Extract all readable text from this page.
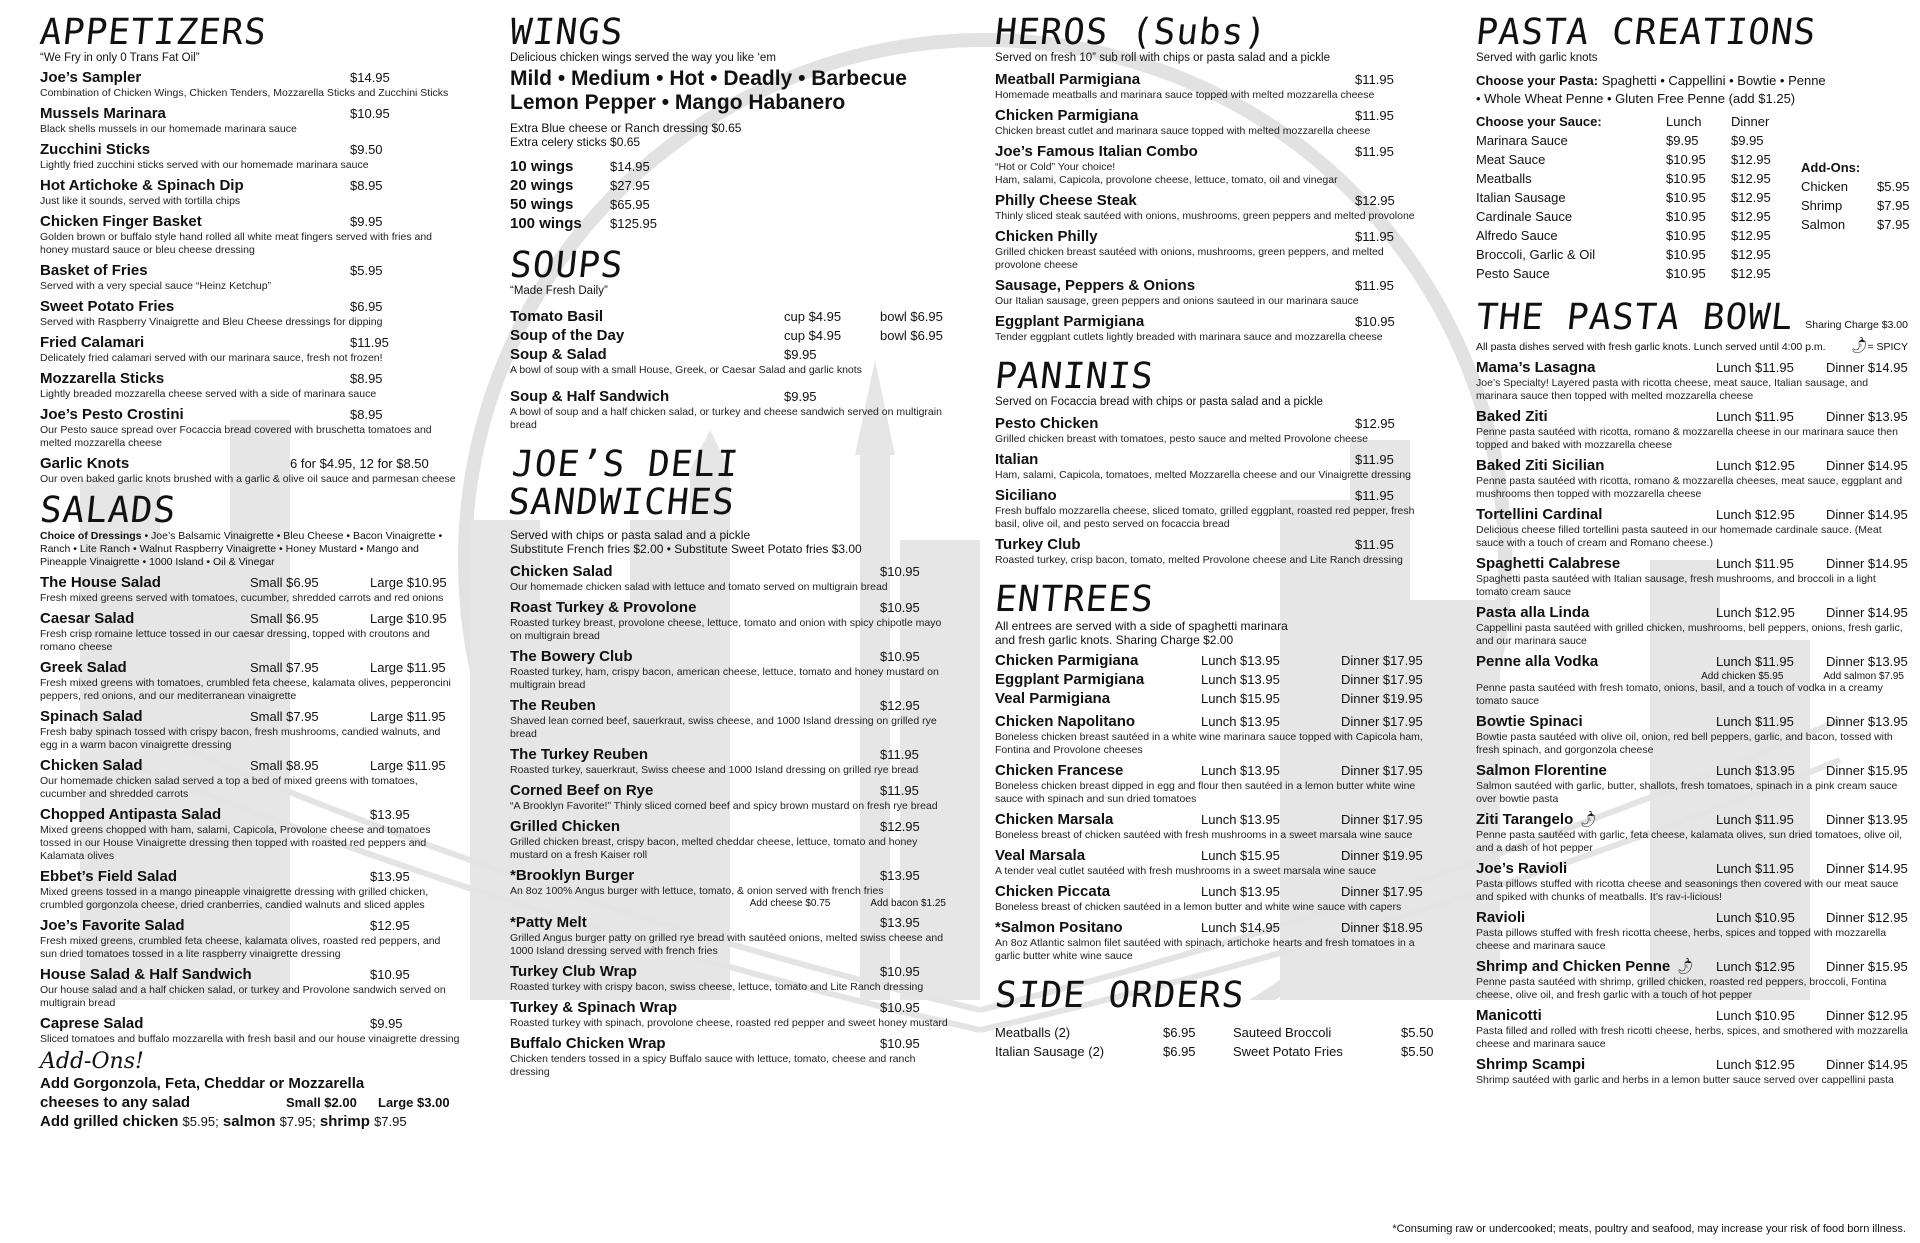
APPETIZERS
“We Fry in only 0 Trans Fat Oil”
Joe’s Sampler	$14.95
Combination of Chicken Wings, Chicken Tenders, Mozzarella Sticks and Zucchini Sticks
Mussels Marinara	$10.95
Black shells mussels in our homemade marinara sauce
Zucchini Sticks	$9.50
Lightly fried zucchini sticks served with our homemade marinara sauce
Hot Artichoke & Spinach Dip	$8.95
Just like it sounds, served with tortilla chips
Chicken Finger Basket	$9.95
Golden brown or buffalo style hand rolled all white meat fingers served with fries and honey mustard sauce or bleu cheese dressing
Basket of Fries	$5.95
Served with a very special sauce “Heinz Ketchup”
Sweet Potato Fries	$6.95
Served with Raspberry Vinaigrette and Bleu Cheese dressings for dipping
Fried Calamari	$11.95
Delicately fried calamari served with our marinara sauce, fresh not frozen!
Mozzarella Sticks	$8.95
Lightly breaded mozzarella cheese served with a side of marinara sauce
Joe’s Pesto Crostini	$8.95
Our Pesto sauce spread over Focaccia bread covered with bruschetta tomatoes and melted mozzarella cheese
Garlic Knots	6 for $4.95, 12 for $8.50
Our oven baked garlic knots brushed with a garlic & olive oil sauce and parmesan cheese
SALADS
Choice of Dressings • Joe’s Balsamic Vinaigrette • Bleu Cheese • Bacon Vinaigrette • Ranch • Lite Ranch • Walnut Raspberry Vinaigrette • Honey Mustard • Mango and Pineapple Vinaigrette • 1000 Island • Oil & Vinegar
The House Salad	Small $6.95	Large $10.95
Fresh mixed greens served with tomatoes, cucumber, shredded carrots and red onions
Caesar Salad	Small $6.95	Large $10.95
Fresh crisp romaine lettuce tossed in our caesar dressing, topped with croutons and romano cheese
Greek Salad	Small $7.95	Large $11.95
Fresh mixed greens with tomatoes, crumbled feta cheese, kalamata olives, pepperoncini peppers, red onions, and our mediterranean vinaigrette
Spinach Salad	Small $7.95	Large $11.95
Fresh baby spinach tossed with crispy bacon, fresh mushrooms, candied walnuts, and egg in a warm bacon vinaigrette dressing
Chicken Salad	Small $8.95	Large $11.95
Our homemade chicken salad served a top a bed of mixed greens with tomatoes, cucumber and shredded carrots
Chopped Antipasta Salad	$13.95
Mixed greens chopped with ham, salami, Capicola, Provolone cheese and tomatoes tossed in our House Vinaigrette dressing then topped with roasted red peppers and Kalamata olives
Ebbet’s Field Salad	$13.95
Mixed greens tossed in a mango pineapple vinaigrette dressing with grilled chicken, crumbled gorgonzola cheese, dried cranberries, candied walnuts and sliced apples
Joe’s Favorite Salad	$12.95
Fresh mixed greens, crumbled feta cheese, kalamata olives, roasted red peppers, and sun dried tomatoes tossed in a lite raspberry vinaigrette dressing
House Salad & Half Sandwich	$10.95
Our house salad and a half chicken salad, or turkey and Provolone sandwich served on multigrain bread
Caprese Salad	$9.95
Sliced tomatoes and buffalo mozzarella with fresh basil and our house vinaigrette dressing
Add-Ons!
Add Gorgonzola, Feta, Cheddar or Mozzarella
cheeses to any salad	Small $2.00	Large $3.00
Add grilled chicken $5.95; salmon $7.95; shrimp $7.95
WINGS
Delicious chicken wings served the way you like ‘em
Mild • Medium • Hot • Deadly • Barbecue
Lemon Pepper • Mango Habanero
Extra Blue cheese or Ranch dressing $0.65
Extra celery sticks $0.65
10 wings	$14.95
20 wings	$27.95
50 wings	$65.95
100 wings	$125.95
SOUPS
“Made Fresh Daily”
Tomato Basil	cup $4.95	bowl $6.95
Soup of the Day	cup $4.95	bowl $6.95
Soup & Salad	$9.95
A bowl of soup with a small House, Greek, or Caesar Salad and garlic knots
Soup & Half Sandwich	$9.95
A bowl of soup and a half chicken salad, or turkey and cheese sandwich served on multigrain bread
JOE’S DELI SANDWICHES
Served with chips or pasta salad and a pickle
Substitute French fries $2.00 • Substitute Sweet Potato fries $3.00
Chicken Salad	$10.95
Our homemade chicken salad with lettuce and tomato served on multigrain bread
Roast Turkey & Provolone	$10.95
Roasted turkey breast, provolone cheese, lettuce, tomato and onion with spicy chipotle mayo on multigrain bread
The Bowery Club	$10.95
Roasted turkey, ham, crispy bacon, american cheese, lettuce, tomato and honey mustard on multigrain bread
The Reuben	$12.95
Shaved lean corned beef, sauerkraut, swiss cheese, and 1000 Island dressing on grilled rye bread
The Turkey Reuben	$11.95
Roasted turkey, sauerkraut, Swiss cheese and 1000 Island dressing on grilled rye bread
Corned Beef on Rye	$11.95
“A Brooklyn Favorite!” Thinly sliced corned beef and spicy brown mustard on fresh rye bread
Grilled Chicken	$12.95
Grilled chicken breast, crispy bacon, melted cheddar cheese, lettuce, tomato and honey mustard on a fresh Kaiser roll
*Brooklyn Burger	$13.95
An 8oz 100% Angus burger with lettuce, tomato, & onion served with french fries
Add cheese $0.75	Add bacon $1.25
*Patty Melt	$13.95
Grilled Angus burger patty on grilled rye bread with sautéed onions, melted swiss cheese and 1000 Island dressing served with french fries
Turkey Club Wrap	$10.95
Roasted turkey with crispy bacon, swiss cheese, lettuce, tomato and Lite Ranch dressing
Turkey & Spinach Wrap	$10.95
Roasted turkey with spinach, provolone cheese, roasted red pepper and sweet honey mustard
Buffalo Chicken Wrap	$10.95
Chicken tenders tossed in a spicy Buffalo sauce with lettuce, tomato, cheese and ranch dressing
HEROS (Subs)
Served on fresh 10” sub roll with chips or pasta salad and a pickle
Meatball Parmigiana	$11.95
Homemade meatballs and marinara sauce topped with melted mozzarella cheese
Chicken Parmigiana	$11.95
Chicken breast cutlet and marinara sauce topped with melted mozzarella cheese
Joe’s Famous Italian Combo	$11.95
“Hot or Cold” Your choice!
Ham, salami, Capicola, provolone cheese, lettuce, tomato, oil and vinegar
Philly Cheese Steak	$12.95
Thinly sliced steak sautéed with onions, mushrooms, green peppers and melted provolone
Chicken Philly	$11.95
Grilled chicken breast sautéed with onions, mushrooms, green peppers, and melted provolone cheese
Sausage, Peppers & Onions	$11.95
Our Italian sausage, green peppers and onions sauteed in our marinara sauce
Eggplant Parmigiana	$10.95
Tender eggplant cutlets lightly breaded with marinara sauce and mozzarella cheese
PANINIS
Served on Focaccia bread with chips or pasta salad and a pickle
Pesto Chicken	$12.95
Grilled chicken breast with tomatoes, pesto sauce and melted Provolone cheese
Italian	$11.95
Ham, salami, Capicola, tomatoes, melted Mozzarella cheese and our Vinaigrette dressing
Siciliano	$11.95
Fresh buffalo mozzarella cheese, sliced tomato, grilled eggplant, roasted red pepper, fresh basil, olive oil, and pesto served on focaccia bread
Turkey Club	$11.95
Roasted turkey, crisp bacon, tomato, melted Provolone cheese and Lite Ranch dressing
ENTREES
All entrees are served with a side of spaghetti marinara
and fresh garlic knots. Sharing Charge $2.00
Chicken Parmigiana	Lunch $13.95	Dinner $17.95
Eggplant Parmigiana	Lunch $13.95	Dinner $17.95
Veal Parmigiana	Lunch $15.95	Dinner $19.95
Chicken Napolitano	Lunch $13.95	Dinner $17.95
Boneless chicken breast sautéed in a white wine marinara sauce topped with Capicola ham, Fontina and Provolone cheeses
Chicken Francese	Lunch $13.95	Dinner $17.95
Boneless chicken breast dipped in egg and flour then sautéed in a lemon butter white wine sauce with spinach and sun dried tomatoes
Chicken Marsala	Lunch $13.95	Dinner $17.95
Boneless breast of chicken sautéed with fresh mushrooms in a sweet marsala wine sauce
Veal Marsala	Lunch $15.95	Dinner $19.95
A tender veal cutlet sautéed with fresh mushrooms in a sweet marsala wine sauce
Chicken Piccata	Lunch $13.95	Dinner $17.95
Boneless breast of chicken sautéed in a lemon butter and white wine sauce with capers
*Salmon Positano	Lunch $14.95	Dinner $18.95
An 8oz Atlantic salmon filet sautéed with spinach, artichoke hearts and fresh tomatoes in a garlic butter white wine sauce
SIDE ORDERS
Meatballs (2)	$6.95	Sauteed Broccoli	$5.50
Italian Sausage (2)	$6.95	Sweet Potato Fries	$5.50
PASTA CREATIONS
Served with garlic knots
Choose your Pasta: Spaghetti • Cappellini • Bowtie • Penne
• Whole Wheat Penne • Gluten Free Penne (add $1.25)
Choose your Sauce:	Lunch	Dinner
Marinara Sauce	$9.95	$9.95
Meat Sauce	$10.95	$12.95
Meatballs	$10.95	$12.95
Italian Sausage	$10.95	$12.95
Cardinale Sauce	$10.95	$12.95
Alfredo Sauce	$10.95	$12.95
Broccoli, Garlic & Oil	$10.95	$12.95
Pesto Sauce	$10.95	$12.95
Add-Ons:
Chicken	$5.95
Shrimp	$7.95
Salmon	$7.95
THE PASTA BOWL Sharing Charge $3.00
All pasta dishes served with fresh garlic knots. Lunch served until 4:00 p.m. 🌶︎
= SPICY
Mama’s Lasagna	Lunch $11.95	Dinner $14.95
Joe’s Specialty! Layered pasta with ricotta cheese, meat sauce, Italian sausage, and marinara sauce then topped with melted mozzarella cheese
Baked Ziti	Lunch $11.95	Dinner $13.95
Penne pasta sautéed with ricotta, romano & mozzarella cheese in our marinara sauce then topped and baked with mozzarella cheese
Baked Ziti Sicilian	Lunch $12.95	Dinner $14.95
Penne pasta sautéed with ricotta, romano & mozzarella cheeses, meat sauce, eggplant and mushrooms then topped with mozzarella cheese
Tortellini Cardinal	Lunch $12.95	Dinner $14.95
Delicious cheese filled tortellini pasta sauteed in our homemade cardinale sauce. (Meat sauce with a touch of cream and Romano cheese.)
Spaghetti Calabrese	Lunch $11.95	Dinner $14.95
Spaghetti pasta sautéed with Italian sausage, fresh mushrooms, and broccoli in a light tomato cream sauce
Pasta alla Linda	Lunch $12.95	Dinner $14.95
Cappellini pasta sautéed with grilled chicken, mushrooms, bell peppers, onions, fresh garlic, and our marinara sauce
Penne alla Vodka	Lunch $11.95	Dinner $13.95
Add chicken $5.95	Add salmon $7.95
Penne pasta sautéed with fresh tomato, onions, basil, and a touch of vodka in a creamy tomato sauce
Bowtie Spinaci	Lunch $11.95	Dinner $13.95
Bowtie pasta sautéed with olive oil, onion, red bell peppers, garlic, and bacon, tossed with fresh spinach, and gorgonzola cheese
Salmon Florentine	Lunch $13.95	Dinner $15.95
Salmon sautéed with garlic, butter, shallots, fresh tomatoes, spinach in a pink cream sauce over bowtie pasta
Ziti Tarangelo 🌶︎	Lunch $11.95	Dinner $13.95
Penne pasta sautéed with garlic, feta cheese, kalamata olives, sun dried tomatoes, olive oil, and a dash of hot pepper
Joe’s Ravioli	Lunch $11.95	Dinner $14.95
Pasta pillows stuffed with ricotta cheese and seasonings then covered with our meat sauce and spiked with chunks of meatballs. It’s rav-i-licious!
Ravioli	Lunch $10.95	Dinner $12.95
Pasta pillows stuffed with fresh ricotta cheese, herbs, spices and topped with mozzarella cheese and marinara sauce
Shrimp and Chicken Penne 🌶︎ Lunch $12.95	Dinner $15.95
Penne pasta sautéed with shrimp, grilled chicken, roasted red peppers, broccoli, Fontina cheese, olive oil, and fresh garlic with a touch of hot pepper
Manicotti	Lunch $10.95	Dinner $12.95
Pasta filled and rolled with fresh ricotti cheese, herbs, spices, and smothered with mozzarella cheese and marinara sauce
Shrimp Scampi	Lunch $12.95	Dinner $14.95
Shrimp sautéed with garlic and herbs in a lemon butter sauce served over cappellini pasta
*Consuming raw or undercooked; meats, poultry and seafood, may increase your risk of food born illness.
